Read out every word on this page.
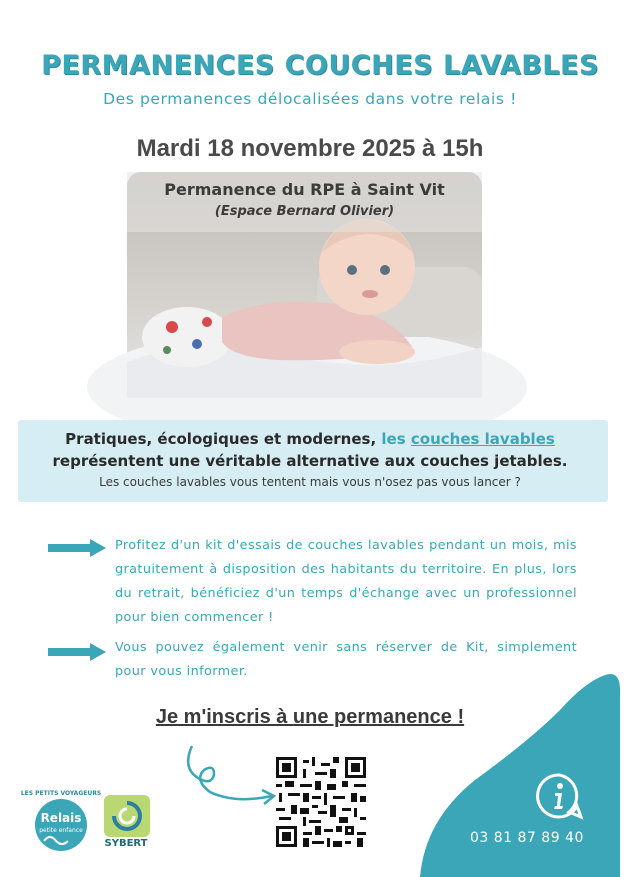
PERMANENCES COUCHES LAVABLES
Des permanences délocalisées dans votre relais !
Mardi 18 novembre 2025 à 15h
Permanence du RPE à Saint Vit
(Espace Bernard Olivier)
Pratiques, écologiques et modernes, les couches lavables
représentent une véritable alternative aux couches jetables.
Les couches lavables vous tentent mais vous n'osez pas vous lancer ?
Profitez d'un kit d'essais de couches lavables pendant un mois, mis gratuitement à disposition des habitants du territoire. En plus, lors du retrait, bénéficiez d'un temps d'échange avec un professionnel pour bien commencer !
Vous pouvez également venir sans réserver de Kit, simplement pour vous informer.
Je m'inscris à une permanence !
03 81 87 89 40
LES PETITS VOYAGEURS
Relais
petite enfance
SYBERT
